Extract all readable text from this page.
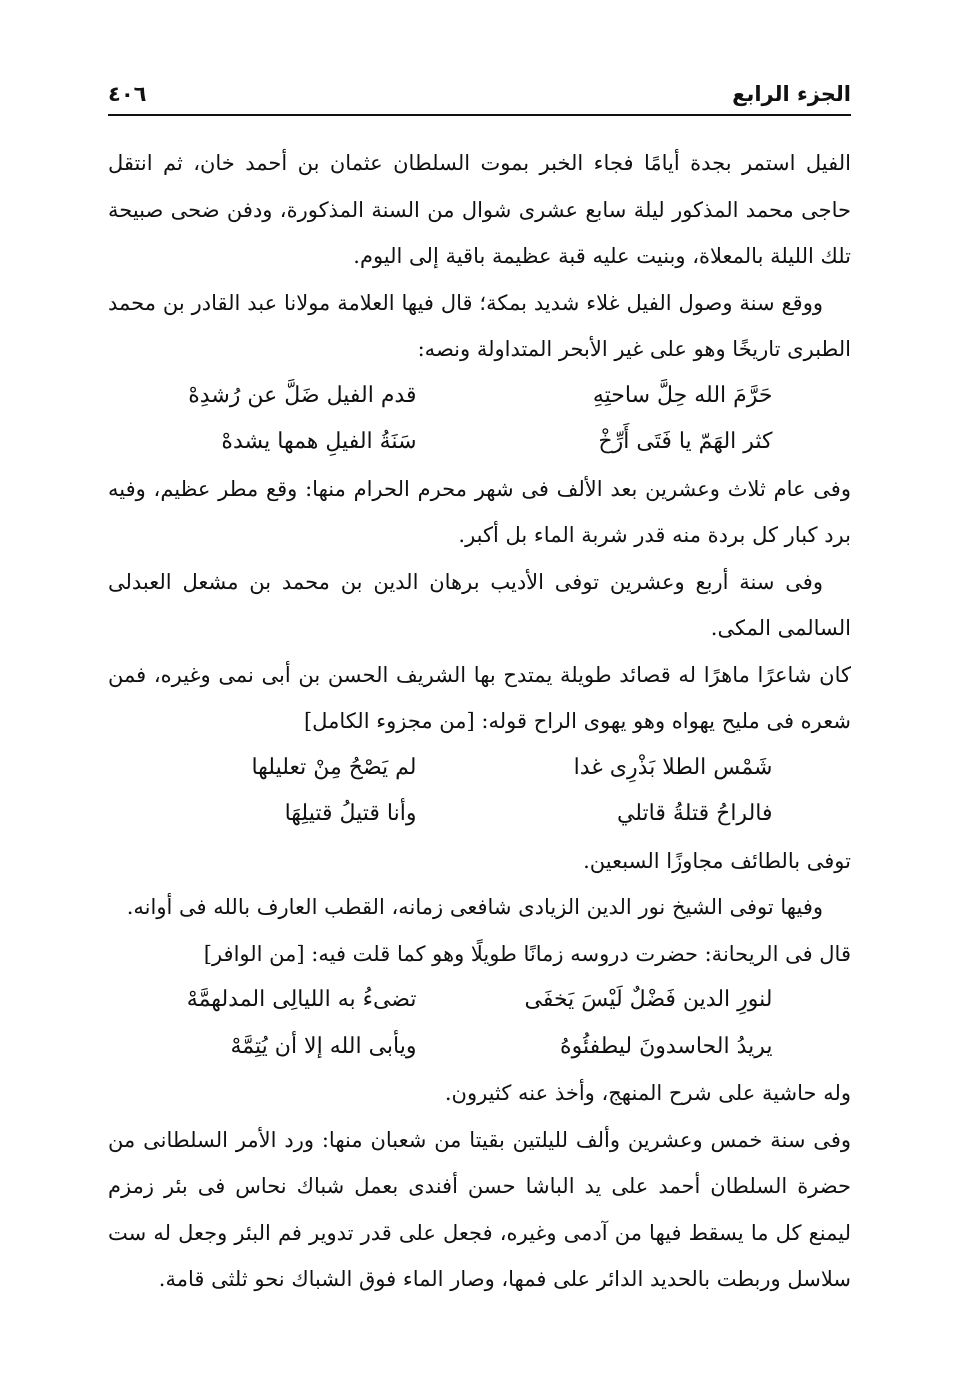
الجزء الرابع
٤٠٦

الفيل استمر بجدة أيامًا فجاء الخبر بموت السلطان عثمان بن أحمد خان، ثم انتقل حاجى محمد المذكور ليلة سابع عشرى شوال من السنة المذكورة، ودفن ضحى صبيحة تلك الليلة بالمعلاة، وبنيت عليه قبة عظيمة باقية إلى اليوم.

ووقع سنة وصول الفيل غلاء شديد بمكة؛ قال فيها العلامة مولانا عبد القادر بن محمد الطبرى تاريخًا وهو على غير الأبحر المتداولة ونصه:

حَرَّمَ الله حِلَّ ساحتِهِ
قدم الفيل ضَلَّ عن رُشدِهْ
كثر الهَمّ يا فَتَى أَرِّخْ
سَنَةُ الفيلِ همها يشدهْ

وفى عام ثلاث وعشرين بعد الألف فى شهر محرم الحرام منها: وقع مطر عظيم، وفيه برد كبار كل بردة منه قدر شربة الماء بل أكبر.

وفى سنة أربع وعشرين توفى الأديب برهان الدين بن محمد بن مشعل العبدلى السالمى المكى.

كان شاعرًا ماهرًا له قصائد طويلة يمتدح بها الشريف الحسن بن أبى نمى وغيره، فمن شعره فى مليح يهواه وهو يهوى الراح قوله: [من مجزوء الكامل]

شَمْس الطلا بَذْرِى غدا
لم يَصْحُ مِنْ تعليلها
فالراحُ قتلةُ قاتلي
وأنا قتيلُ قتيلِهَا

توفى بالطائف مجاوزًا السبعين.

وفيها توفى الشيخ نور الدين الزيادى شافعى زمانه، القطب العارف بالله فى أوانه.

قال فى الريحانة: حضرت دروسه زمانًا طويلًا وهو كما قلت فيه: [من الوافر]

لنورِ الدين فَضْلٌ لَيْسَ يَخفَى
تضىءُ به الليالِى المدلهمَّهْ
يريدُ الحاسدونَ ليطفئُوهُ
ويأبى الله إلا أن يُتِمَّهْ

وله حاشية على شرح المنهج، وأخذ عنه كثيرون.

وفى سنة خمس وعشرين وألف لليلتين بقيتا من شعبان منها: ورد الأمر السلطانى من حضرة السلطان أحمد على يد الباشا حسن أفندى بعمل شباك نحاس فى بئر زمزم ليمنع كل ما يسقط فيها من آدمى وغيره، فجعل على قدر تدوير فم البئر وجعل له ست سلاسل وربطت بالحديد الدائر على فمها، وصار الماء فوق الشباك نحو ثلثى قامة.
